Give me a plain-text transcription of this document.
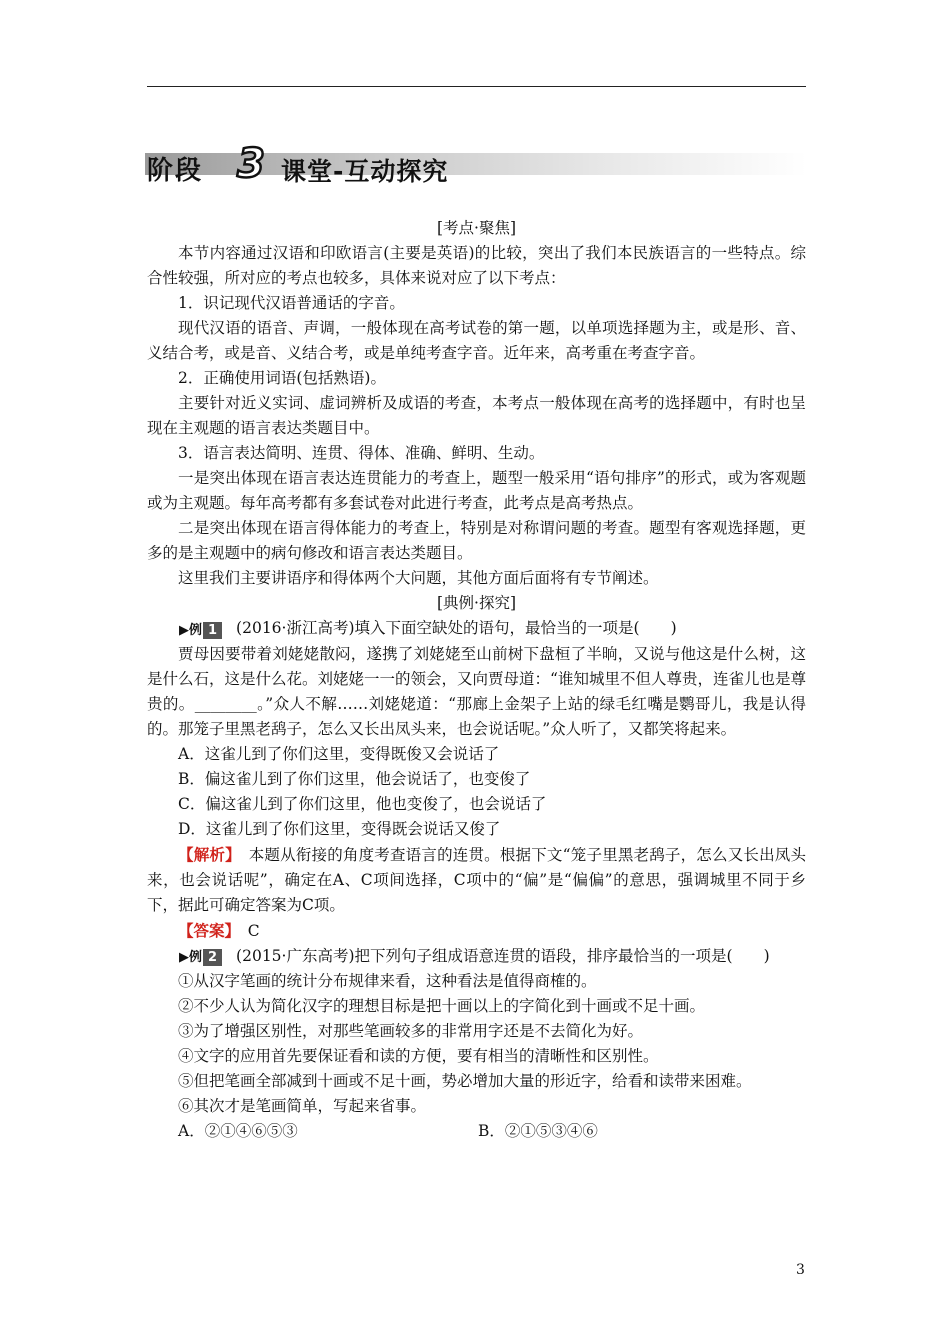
阶段 3 课堂-互动探究

[考点·聚焦]

本节内容通过汉语和印欧语言(主要是英语)的比较，突出了我们本民族语言的一些特点。综合性较强，所对应的考点也较多，具体来说对应了以下考点：

1．识记现代汉语普通话的字音。

现代汉语的语音、声调，一般体现在高考试卷的第一题，以单项选择题为主，或是形、音、义结合考，或是音、义结合考，或是单纯考查字音。近年来，高考重在考查字音。

2．正确使用词语(包括熟语)。

主要针对近义实词、虚词辨析及成语的考查，本考点一般体现在高考的选择题中，有时也呈现在主观题的语言表达类题目中。

3．语言表达简明、连贯、得体、准确、鲜明、生动。

一是突出体现在语言表达连贯能力的考查上，题型一般采用“语句排序”的形式，或为客观题或为主观题。每年高考都有多套试卷对此进行考查，此考点是高考热点。

二是突出体现在语言得体能力的考查上，特别是对称谓问题的考查。题型有客观选择题，更多的是主观题中的病句修改和语言表达类题目。

这里我们主要讲语序和得体两个大问题，其他方面后面将有专节阐述。

[典例·探究]

▶例 1 (2016·浙江高考)填入下面空缺处的语句，最恰当的一项是(　　)

贾母因要带着刘姥姥散闷，遂携了刘姥姥至山前树下盘桓了半晌，又说与他这是什么树，这是什么石，这是什么花。刘姥姥一一的领会，又向贾母道：“谁知城里不但人尊贵，连雀儿也是尊贵的。________。”众人不解……刘姥姥道：“那廊上金架子上站的绿毛红嘴是鹦哥儿，我是认得的。那笼子里黑老鸹子，怎么又长出凤头来，也会说话呢。”众人听了，又都笑将起来。

A．这雀儿到了你们这里，变得既俊又会说话了

B．偏这雀儿到了你们这里，他会说话了，也变俊了

C．偏这雀儿到了你们这里，他也变俊了，也会说话了

D．这雀儿到了你们这里，变得既会说话又俊了

【解析】　 本题从衔接的角度考查语言的连贯。根据下文“笼子里黑老鸹子，怎么又长出凤头来，也会说话呢”，确定在A、C项间选择，C项中的“偏”是“偏偏”的意思，强调城里不同于乡下，据此可确定答案为C项。

【答案】　 C

▶例 2 (2015·广东高考)把下列句子组成语意连贯的语段，排序最恰当的一项是(　　)

①从汉字笔画的统计分布规律来看，这种看法是值得商榷的。

②不少人认为简化汉字的理想目标是把十画以上的字简化到十画或不足十画。

③为了增强区别性，对那些笔画较多的非常用字还是不去简化为好。

④文字的应用首先要保证看和读的方便，要有相当的清晰性和区别性。

⑤但把笔画全部减到十画或不足十画，势必增加大量的形近字，给看和读带来困难。

⑥其次才是笔画简单，写起来省事。

A．②①④⑥⑤③	B．②①⑤③④⑥

3
